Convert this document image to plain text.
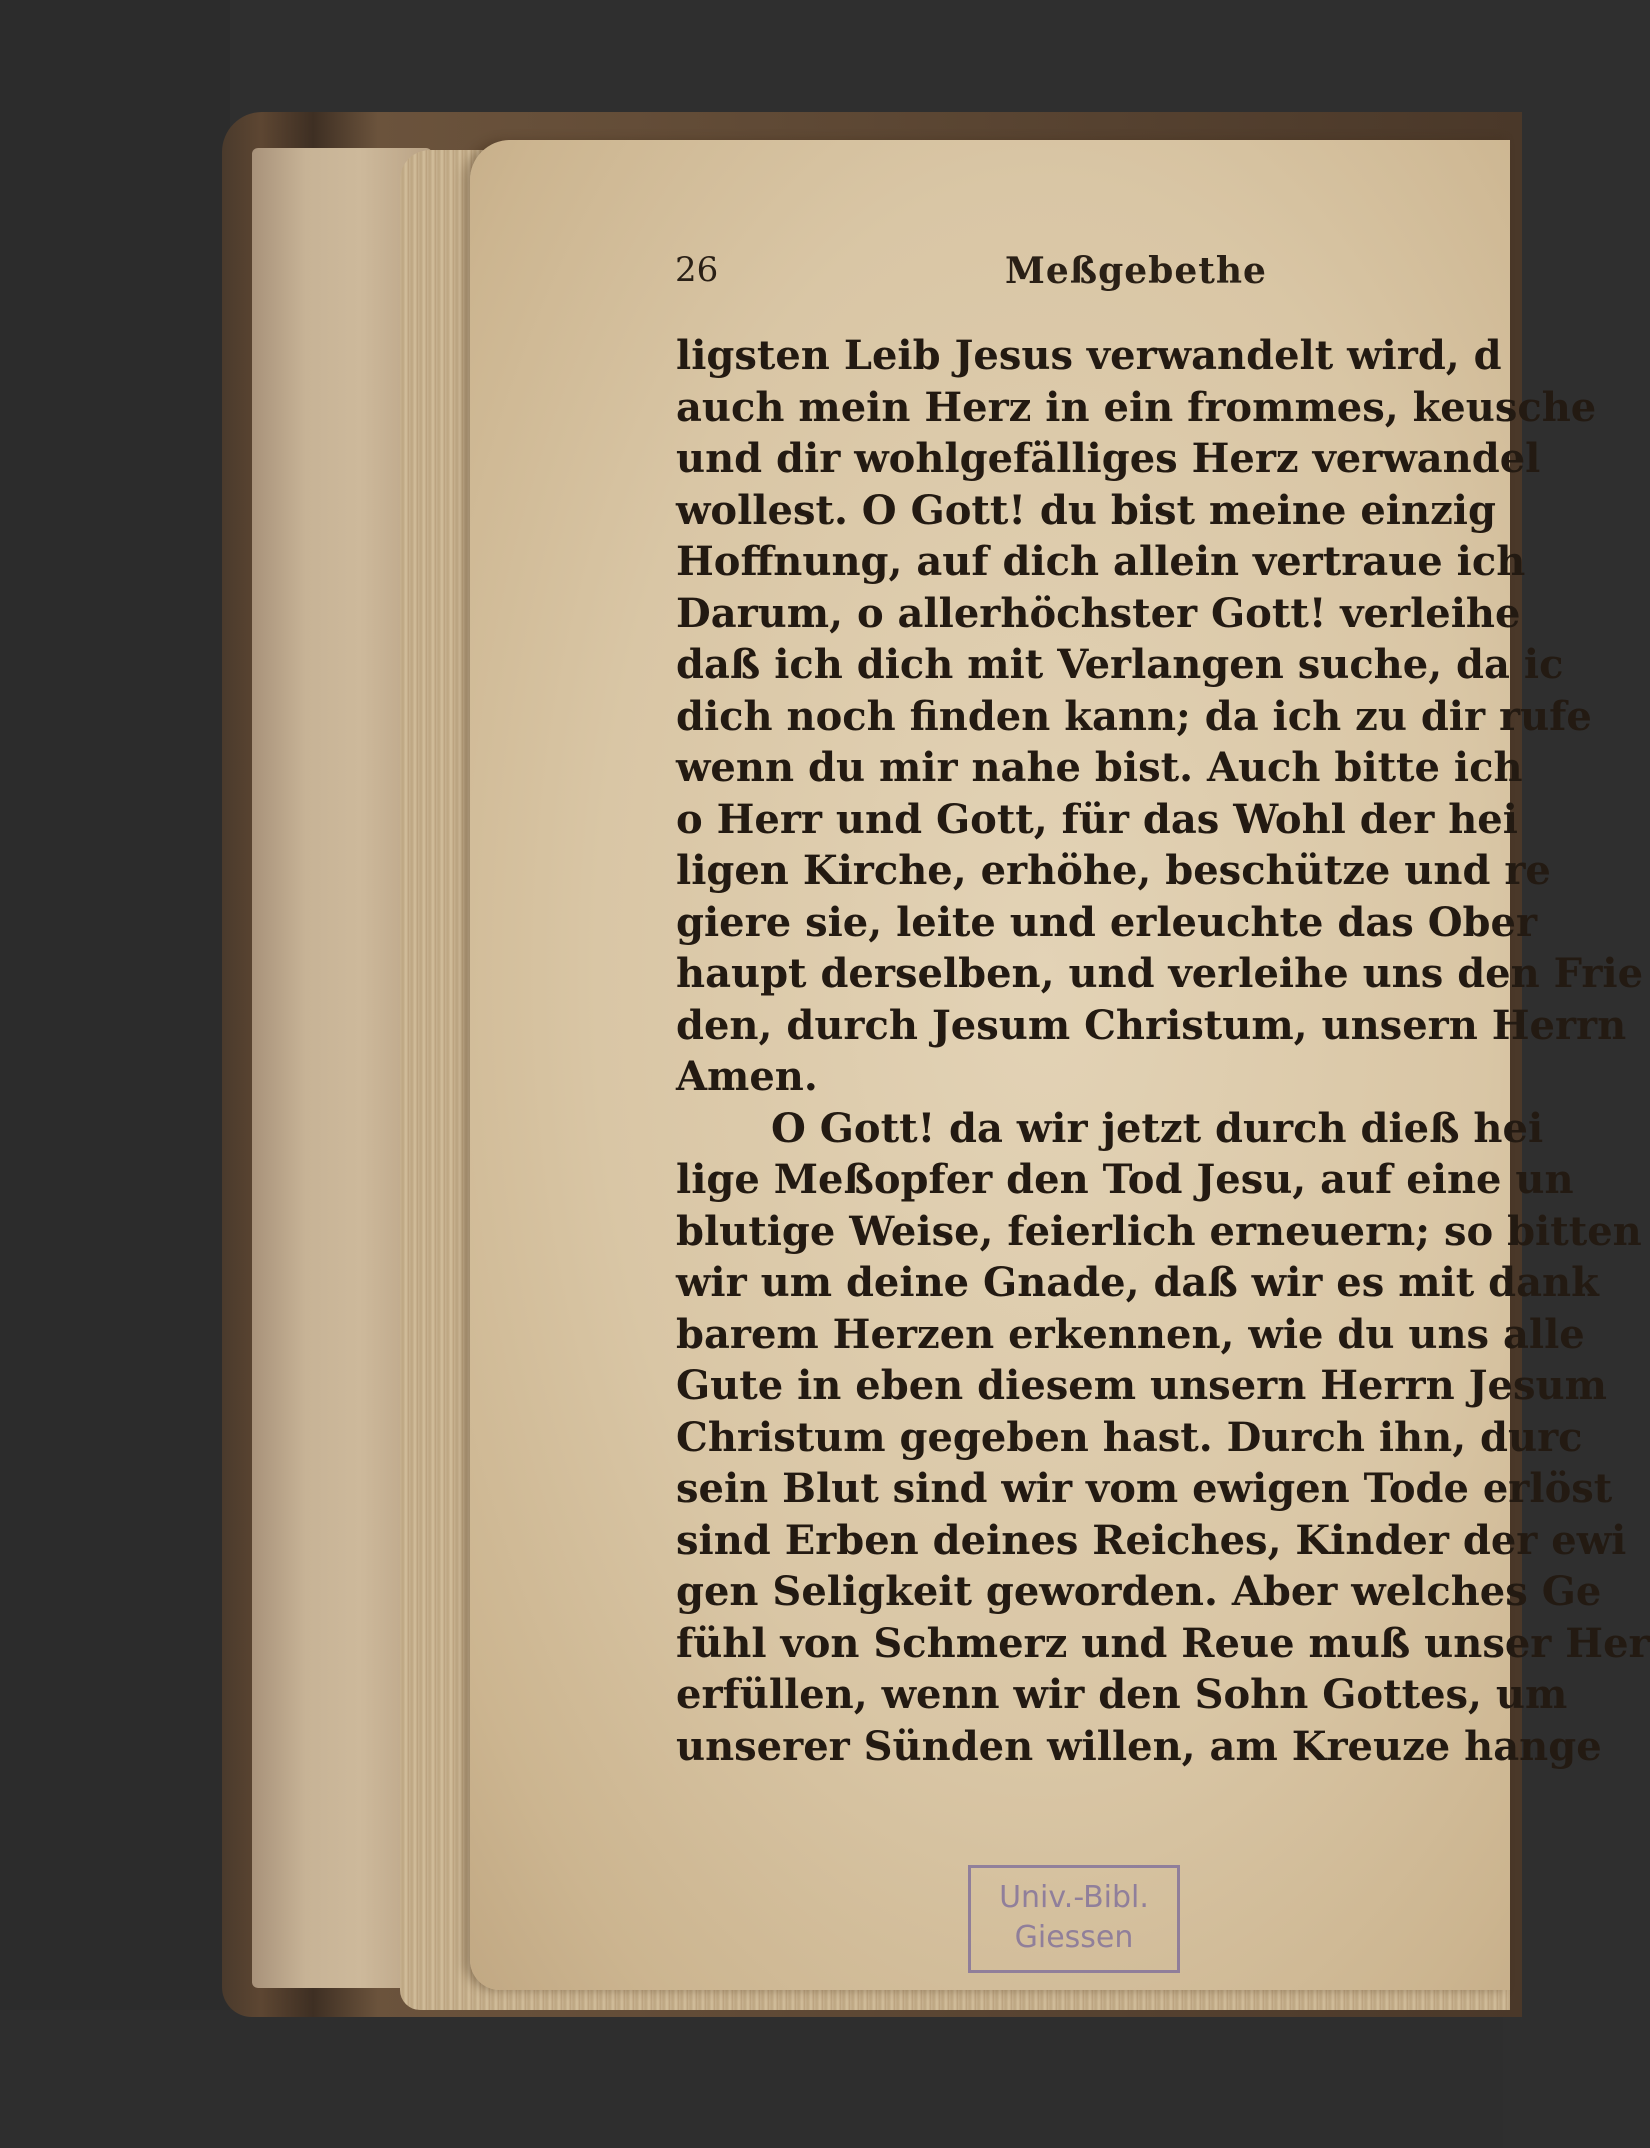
26	Meßgebethe
ligsten Leib Jesus verwandelt wird, d
auch mein Herz in ein frommes, keusche
und dir wohlgefälliges Herz verwandel
wollest. O Gott! du bist meine einzig
Hoffnung, auf dich allein vertraue ich
Darum, o allerhöchster Gott! verleihe
daß ich dich mit Verlangen suche, da ic
dich noch finden kann; da ich zu dir rufe
wenn du mir nahe bist. Auch bitte ich
o Herr und Gott, für das Wohl der hei
ligen Kirche, erhöhe, beschütze und re
giere sie, leite und erleuchte das Ober
haupt derselben, und verleihe uns den Frie
den, durch Jesum Christum, unsern Herrn
Amen.
O Gott! da wir jetzt durch dieß hei
lige Meßopfer den Tod Jesu, auf eine un
blutige Weise, feierlich erneuern; so bitten
wir um deine Gnade, daß wir es mit dank
barem Herzen erkennen, wie du uns alle
Gute in eben diesem unsern Herrn Jesum
Christum gegeben hast. Durch ihn, durc
sein Blut sind wir vom ewigen Tode erlöst
sind Erben deines Reiches, Kinder der ewi
gen Seligkeit geworden. Aber welches Ge
fühl von Schmerz und Reue muß unser Her
erfüllen, wenn wir den Sohn Gottes, um
unserer Sünden willen, am Kreuze hange
Univ.-Bibl.
Giessen
